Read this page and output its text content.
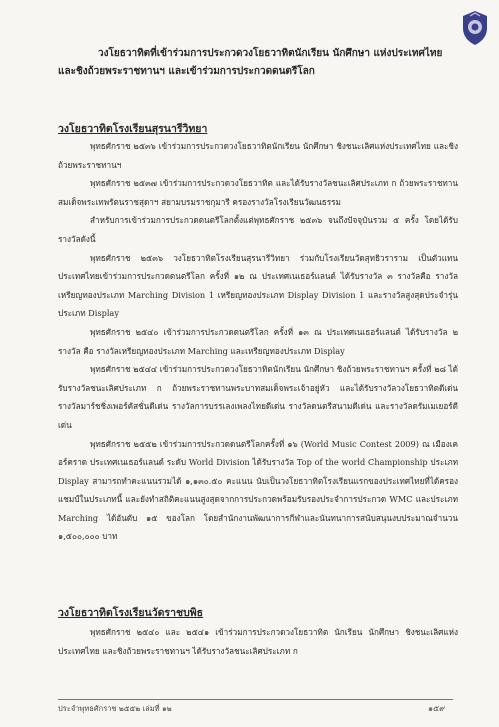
วงโยธวาทิตที่เข้าร่วมการประกวดวงโยธวาทิตนักเรียน นักศึกษา แห่งประเทศไทย
และชิงถ้วยพระราชทานฯ และเข้าร่วมการประกวดดนตรีโลก
วงโยธวาทิตโรงเรียนสุรนารีวิทยา

พุทธศักราช ๒๕๓๖ เข้าร่วมการประกวดวงโยธวาทิตนักเรียน นักศึกษา ชิงชนะเลิศแห่งประเทศไทย และชิงถ้วยพระราชทานฯ

พุทธศักราช ๒๕๓๗ เข้าร่วมการประกวดวงโยธวาทิต และได้รับรางวัลชนะเลิศประเภท ก ถ้วยพระราชทานสมเด็จพระเทพรัตนราชสุดาฯ สยามบรมราชกุมารี ครองรางวัลโรงเรียนวัฒนธรรม

สำหรับการเข้าร่วมการประกวดดนตรีโลกตั้งแต่พุทธศักราช ๒๕๓๖ จนถึงปัจจุบันรวม ๕ ครั้ง โดยได้รับรางวัลดังนี้

พุทธศักราช ๒๕๓๖ วงโยธวาทิตโรงเรียนสุรนารีวิทยา ร่วมกับโรงเรียนวัดสุทธิวราราม เป็นตัวแทนประเทศไทยเข้าร่วมการประกวดดนตรีโลก ครั้งที่ ๑๒ ณ ประเทศเนเธอร์แลนด์ ได้รับรางวัล ๓ รางวัลคือ รางวัลเหรียญทองประเภท Marching Division 1 เหรียญทองประเภท Display Division 1 และรางวัลสูงสุดประจำรุ่นประเภท Display

พุทธศักราช ๒๕๔๐ เข้าร่วมการประกวดดนตรีโลก ครั้งที่ ๑๓ ณ ประเทศเนเธอร์แลนด์ ได้รับรางวัล ๒ รางวัล คือ รางวัลเหรียญทองประเภท Marching และเหรียญทองประเภท Display

พุทธศักราช ๒๕๔๔ เข้าร่วมการประกวดวงโยธวาทิตนักเรียน นักศึกษา ชิงถ้วยพระราชทานฯ ครั้งที่ ๒๘ ได้รับรางวัลชนะเลิศประเภท ก ถ้วยพระราชทานพระบาทสมเด็จพระเจ้าอยู่หัว และได้รับรางวัลวงโยธวาทิตดีเด่น รางวัลมาร์ชชิ่งเพอร์คัสชั่นดีเด่น รางวัลการบรรเลงเพลงไทยดีเด่น รางวัลดนตรีสนามดีเด่น และรางวัลดรัมเมเยอร์ดีเด่น

พุทธศักราช ๒๕๕๒ เข้าร่วมการประกวดดนตรีโลกครั้งที่ ๑๖ (World Music Contest 2009) ณ เมืองเคอร์คราด ประเทศเนเธอร์แลนด์ ระดับ World Division ได้รับรางวัล Top of the world Championship ประเภท Display สามารถทำคะแนนรวมได้ ๑,๑๓๐.๕๐ คะแนน นับเป็นวงโยธวาทิตโรงเรียนแรกของประเทศไทยที่ได้ครองแชมป์ในประเภทนี้ และยังทำสถิติคะแนนสูงสุดจากการประกวดพร้อมรับรองประจำการประกวด WMC และประเภท Marching ได้อันดับ ๑๕ ของโลก โดยสำนักงานพัฒนาการกีฬาและนันทนาการสนับสนุนงบประมาณจำนวน ๑,๕๐๐,๐๐๐ บาท

วงโยธวาทิตโรงเรียนวัดราชบพิธ

พุทธศักราช ๒๕๔๐ และ ๒๕๔๑ เข้าร่วมการประกวดวงโยธวาทิต นักเรียน นักศึกษา ชิงชนะเลิศแห่งประเทศไทย และชิงถ้วยพระราชทานฯ ได้รับรางวัลชนะเลิศประเภท ก

ประจำพุทธศักราช ๒๕๕๒ เล่มที่ ๑๒	๑๕๙
